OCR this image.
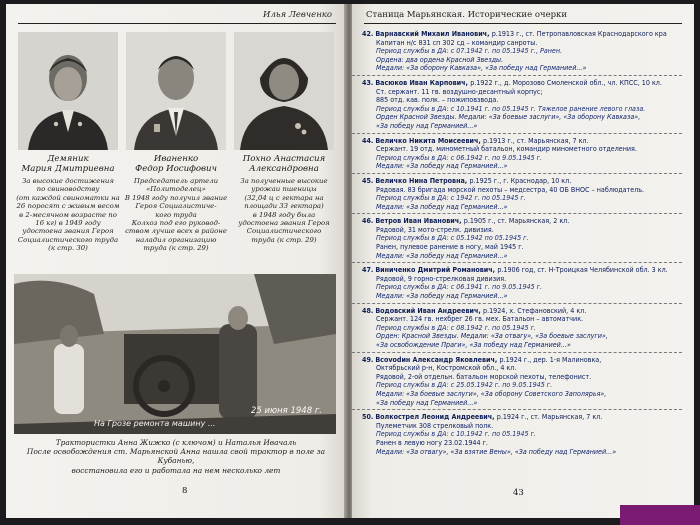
Илья Левченко
Демяник
Мария Дмитриевна
За высокие достижения
по свиноводству
(от каждой свиноматки на
26 поросят с живым весом
в 2-месячном возрасте по
16 кг) в 1949 году
удостоена звания Героя
Социалистического труда
(к стр. 30)
Иваненко
Федор Иосифович
Председатель артели
«Политоделец»
В 1948 году получил звание
Героя Социалистиче-
кого труда
Колхоз под его руковод-
ством лучше всех в районе
наладил организацию
труда (к стр. 29)
Похно Анастасия
Александровна
За полученные высокие
урожаи пшеницы
(32,04 ц с гектара на
площади 33 гектара)
в 1948 году была
удостоена звания Героя
Социалистического
труда (к стр. 29)
На Грозе ремонта машину ...
25 июня 1948 г.
Трактористки Анна Жижко (с ключом) и Наталья Ивачаль
После освобождения ст. Марьянской Анна нашла свой трактор в поле за Кубанью,
восстановила его и работала на нем несколько лет
8
Станица Марьянская. Исторические очерки
42. Варнавский Михаил Иванович, р.1913 г., ст. Петропавловская Краснодарского кра
Капитан н/с 831 сп 302 сд – командир санроты.
Период службы в ДА: с 07.1942 г. по 05.1945 г., Ранен.
Ордена: два ордена Красной Звезды.
Медали: «За оборону Кавказа», «За победу над Германией...»
43. Васюков Иван Карпович, р.1922 г., д. Морозово Смоленской обл., чл. КПСС, 10 кл.
Ст. сержант. 11 гв. воздушно-десантный корпус;
885 отд. кав. полк. – пожиповзвода.
Период службы в ДА: с 10.1941 г. по 05.1945 г. Тяжелое ранение левого глаза.
Орден Красной Звезды. Медали: «За боевые заслуги», «За оборону Кавказа»,
«За победу над Германией...»
44. Величко Никита Моисеевич, р.1913 г., ст. Марьянская, 7 кл.
Сержант. 19 отд. минометный батальон, командир минометного отделения.
Период службы в ДА: с 06.1942 г. по 9.05.1945 г.
Медали: «За победу над Германией...»
45. Величко Нина Петровна, р.1925 г., г. Краснодар, 10 кл.
Рядовая. 83 бригада морской пехоты – медсестра, 40 ОБ ВНОС – наблюдатель.
Период службы в ДА: с 1942 г. по 05.1945 г.
Медали: «За победу над Германией...»
46. Ветров Иван Иванович, р.1905 г., ст. Марьянская, 2 кл.
Рядовой, 31 мото-стрелк. дивизия.
Период службы в ДА: с 05.1942 по 05.1945 г.
Ранен, пулевое ранение в ногу, май 1945 г.
Медали: «За победу над Германией...»
47. Виниченко Дмитрий Романович, р.1906 год, ст. Н-Троицкая Челябинской обл. 3 кл.
Рядовой, 9 горно-стрелковая дивизия.
Период службы в ДА: с 06.1941 г. по 9.05.1945 г.
Медали: «За победу над Германией...»
48. Водовский Иван Андреевич, р.1924, х. Стефановский, 4 кл.
Сержант. 124 гв. нехбрег 26 гв. мех. Батальон – автоматчик.
Период службы в ДА: с 08.1942 г. по 05.1945 г.
Орден: Красной Звезды. Медали: «За отвагу», «За боевые заслуги»,
«За освобождение Праги», «За победу над Германией...»
49. Вcovodин Александр Яковлевич, р.1924 г., дер. 1-я Малиновка,
Октябрьский р-н, Костромской обл., 4 кл.
Рядовой, 2-ой отдельн. батальон морской пехоты, телефонист.
Период службы в ДА: с 25.05.1942 г. по 9.05.1945 г.
Медали: «За боевые заслуги», «За оборону Советского Заполярья»,
«За победу над Германией...»
50. Волкострел Леонид Андреевич, р.1924 г., ст. Марьянская, 7 кл.
Пулеметчик 308 стрелковый полк.
Период службы в ДА: с 10.1942 г. по 05.1945 г.
Ранен в левую ногу 23.02.1944 г.
Медали: «За отвагу», «За взятие Вены», «За победу над Германией...»
43
